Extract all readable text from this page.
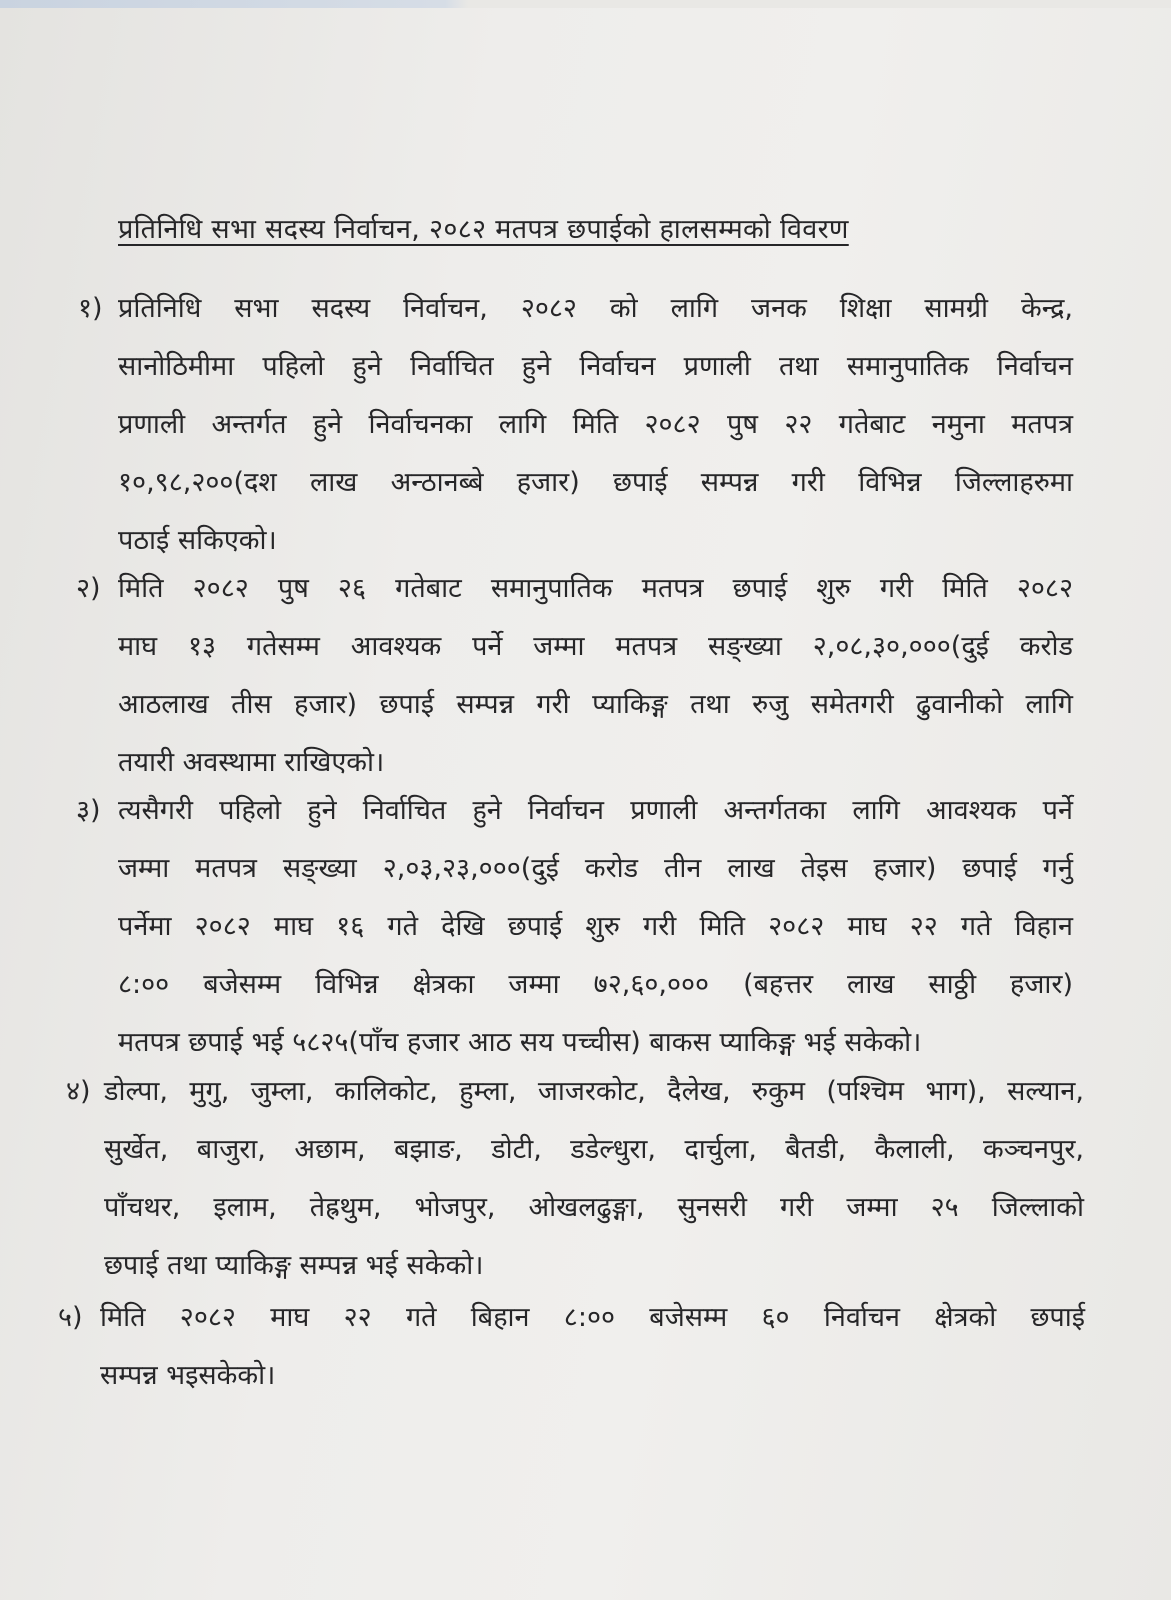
प्रतिनिधि सभा सदस्य निर्वाचन, २०८२ मतपत्र छपाईको हालसम्मको विवरण
१) प्रतिनिधि सभा सदस्य निर्वाचन, २०८२ को लागि जनक शिक्षा सामग्री केन्द्र,
सानोठिमीमा पहिलो हुने निर्वाचित हुने निर्वाचन प्रणाली तथा समानुपातिक निर्वाचन
प्रणाली अन्तर्गत हुने निर्वाचनका लागि मिति २०८२ पुष २२ गतेबाट नमुना मतपत्र
१०,९८,२००(दश लाख अन्ठानब्बे हजार) छपाई सम्पन्न गरी विभिन्न जिल्लाहरुमा
पठाई सकिएको।
२) मिति २०८२ पुष २६ गतेबाट समानुपातिक मतपत्र छपाई शुरु गरी मिति २०८२
माघ १३ गतेसम्म आवश्यक पर्ने जम्मा मतपत्र सङ्ख्या २,०८,३०,०००(दुई करोड
आठलाख तीस हजार) छपाई सम्पन्न गरी प्याकिङ्ग तथा रुजु समेतगरी ढुवानीको लागि
तयारी अवस्थामा राखिएको।
३) त्यसैगरी पहिलो हुने निर्वाचित हुने निर्वाचन प्रणाली अन्तर्गतका लागि आवश्यक पर्ने
जम्मा मतपत्र सङ्ख्या २,०३,२३,०००(दुई करोड तीन लाख तेइस हजार) छपाई गर्नु
पर्नेमा २०८२ माघ १६ गते देखि छपाई शुरु गरी मिति २०८२ माघ २२ गते विहान
८:०० बजेसम्म विभिन्न क्षेत्रका जम्मा ७२,६०,००० (बहत्तर लाख साठ्ठी हजार)
मतपत्र छपाई भई ५८२५(पाँच हजार आठ सय पच्चीस) बाकस प्याकिङ्ग भई सकेको।
४) डोल्पा, मुगु, जुम्ला, कालिकोट, हुम्ला, जाजरकोट, दैलेख, रुकुम (पश्चिम भाग), सल्यान,
सुर्खेत, बाजुरा, अछाम, बझाङ, डोटी, डडेल्धुरा, दार्चुला, बैतडी, कैलाली, कञ्चनपुर,
पाँचथर, इलाम, तेह्रथुम, भोजपुर, ओखलढुङ्गा, सुनसरी गरी जम्मा २५ जिल्लाको
छपाई तथा प्याकिङ्ग सम्पन्न भई सकेको।
५) मिति २०८२ माघ २२ गते बिहान ८:०० बजेसम्म ६० निर्वाचन क्षेत्रको छपाई
सम्पन्न भइसकेको।
